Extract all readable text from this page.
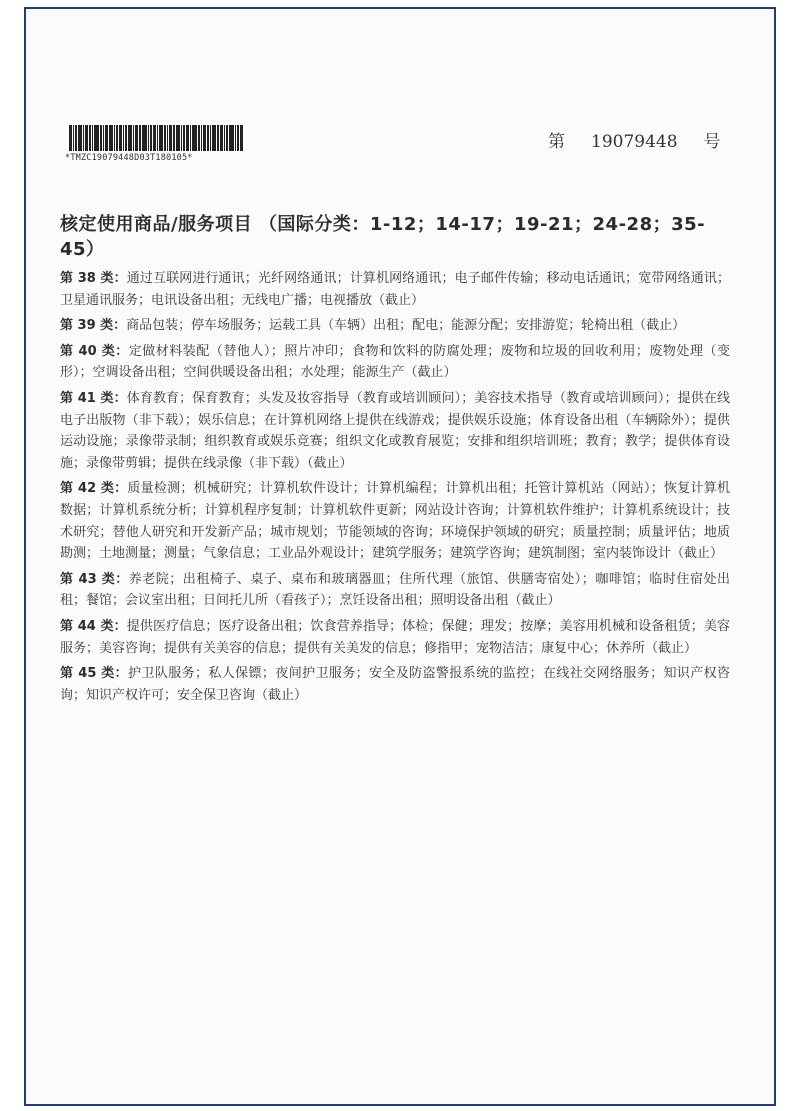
*TMZC19079448D03T180105*
第 19079448 号
核定使用商品/服务项目 （国际分类：1-12；14-17；19-21；24-28；35-45）
第 38 类：通过互联网进行通讯；光纤网络通讯；计算机网络通讯；电子邮件传输；移动电话通讯；宽带网络通讯；卫星通讯服务；电讯设备出租；无线电广播；电视播放（截止）
第 39 类：商品包装；停车场服务；运载工具（车辆）出租；配电；能源分配；安排游览；轮椅出租（截止）
第 40 类：定做材料装配（替他人）；照片冲印；食物和饮料的防腐处理；废物和垃圾的回收利用；废物处理（变形）；空调设备出租；空间供暖设备出租；水处理；能源生产（截止）
第 41 类：体育教育；保育教育；头发及妆容指导（教育或培训顾问）；美容技术指导（教育或培训顾问）；提供在线电子出版物（非下载）；娱乐信息；在计算机网络上提供在线游戏；提供娱乐设施；体育设备出租（车辆除外）；提供运动设施；录像带录制；组织教育或娱乐竞赛；组织文化或教育展览；安排和组织培训班；教育；教学；提供体育设施；录像带剪辑；提供在线录像（非下载）（截止）
第 42 类：质量检测；机械研究；计算机软件设计；计算机编程；计算机出租；托管计算机站（网站）；恢复计算机数据；计算机系统分析；计算机程序复制；计算机软件更新；网站设计咨询；计算机软件维护；计算机系统设计；技术研究；替他人研究和开发新产品；城市规划；节能领域的咨询；环境保护领域的研究；质量控制；质量评估；地质勘测；土地测量；测量；气象信息；工业品外观设计；建筑学服务；建筑学咨询；建筑制图；室内装饰设计（截止）
第 43 类：养老院；出租椅子、桌子、桌布和玻璃器皿；住所代理（旅馆、供膳寄宿处）；咖啡馆；临时住宿处出租；餐馆；会议室出租；日间托儿所（看孩子）；烹饪设备出租；照明设备出租（截止）
第 44 类：提供医疗信息；医疗设备出租；饮食营养指导；体检；保健；理发；按摩；美容用机械和设备租赁；美容服务；美容咨询；提供有关美容的信息；提供有关美发的信息；修指甲；宠物洁洁；康复中心；休养所（截止）
第 45 类：护卫队服务；私人保镖；夜间护卫服务；安全及防盗警报系统的监控；在线社交网络服务；知识产权咨询；知识产权许可；安全保卫咨询（截止）
